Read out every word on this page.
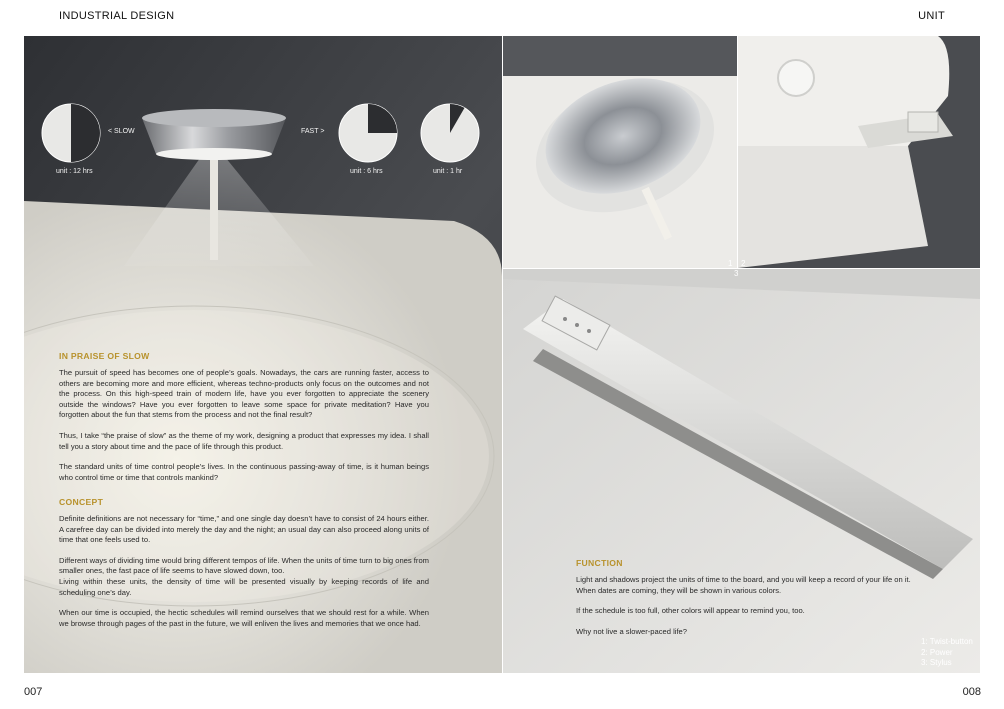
INDUSTRIAL DESIGN	UNIT
007	008
< SLOW
unit : 12 hrs
FAST >
unit : 6 hrs	unit : 1 hr
IN PRAISE OF SLOW

The pursuit of speed has becomes one of people’s goals. Nowadays, the cars are running faster, access to others are becoming more and more efficient, whereas techno-products only focus on the outcomes and not the process. On this high-speed train of modern life, have you ever forgotten to appreciate the scenery outside the windows? Have you ever forgotten to leave some space for private meditation? Have you forgotten about the fun that stems from the process and not the final result?

Thus, I take “the praise of slow” as the theme of my work, designing a product that expresses my idea. I shall tell you a story about time and the pace of life through this product.

The standard units of time control people’s lives. In the continuous passing-away of time, is it human beings who control time or time that controls mankind?

CONCEPT

Definite definitions are not necessary for “time,” and one single day doesn’t have to consist of 24 hours either. A carefree day can be divided into merely the day and the night; an usual day can also proceed along units of time that one feels used to.

Different ways of dividing time would bring different tempos of life. When the units of time turn to big ones from smaller ones, the fast pace of life seems to have slowed down, too.

Living within these units, the density of time will be presented visually by keeping records of life and scheduling one’s day.

When our time is occupied, the hectic schedules will remind ourselves that we should rest for a while. When we browse through pages of the past in the future, we will enliven the lives and memories that we once had.

FUNCTION

Light and shadows project the units of time to the board, and you will keep a record of your life on it.

When dates are coming, they will be shown in various colors.

If the schedule is too full, other colors will appear to remind you, too.

Why not live a slower-paced life?

1: Twist-button
2: Power
3: Stylus
1 2
3
